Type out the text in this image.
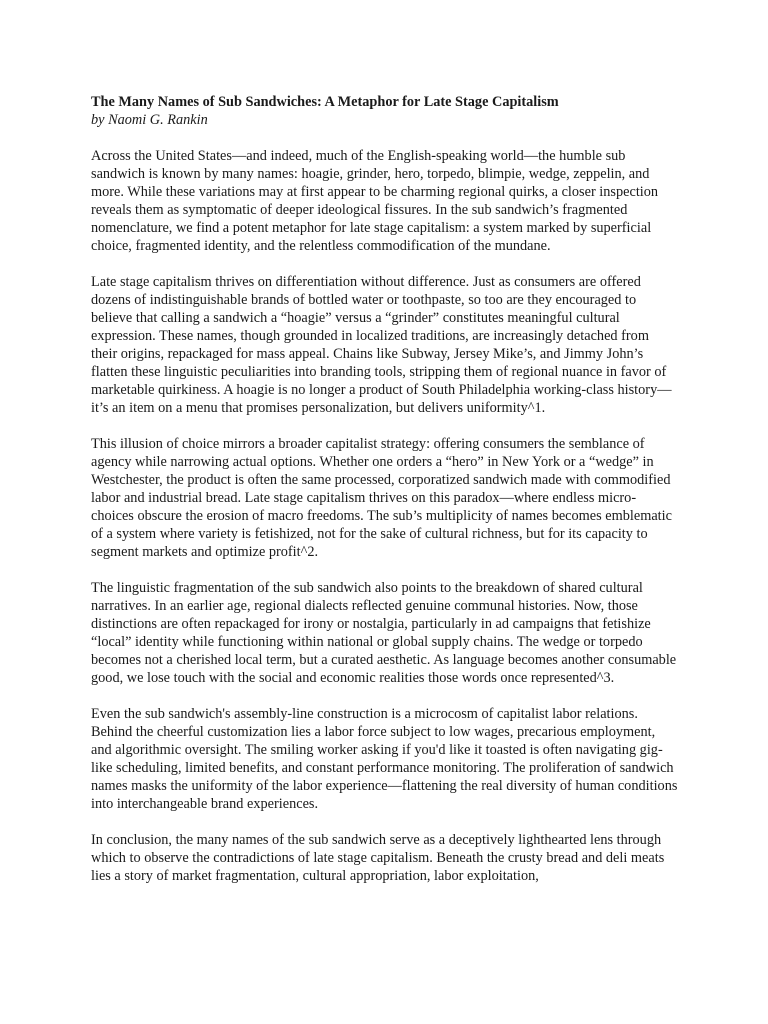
The Many Names of Sub Sandwiches: A Metaphor for Late Stage Capitalism

by Naomi G. Rankin

Across the United States—and indeed, much of the English-speaking world—the humble sub sandwich is known by many names: hoagie, grinder, hero, torpedo, blimpie, wedge, zeppelin, and more. While these variations may at first appear to be charming regional quirks, a closer inspection reveals them as symptomatic of deeper ideological fissures. In the sub sandwich’s fragmented nomenclature, we find a potent metaphor for late stage capitalism: a system marked by superficial choice, fragmented identity, and the relentless commodification of the mundane.

Late stage capitalism thrives on differentiation without difference. Just as consumers are offered dozens of indistinguishable brands of bottled water or toothpaste, so too are they encouraged to believe that calling a sandwich a “hoagie” versus a “grinder” constitutes meaningful cultural expression. These names, though grounded in localized traditions, are increasingly detached from their origins, repackaged for mass appeal. Chains like Subway, Jersey Mike’s, and Jimmy John’s flatten these linguistic peculiarities into branding tools, stripping them of regional nuance in favor of marketable quirkiness. A hoagie is no longer a product of South Philadelphia working-class history—it’s an item on a menu that promises personalization, but delivers uniformity^1.

This illusion of choice mirrors a broader capitalist strategy: offering consumers the semblance of agency while narrowing actual options. Whether one orders a “hero” in New York or a “wedge” in Westchester, the product is often the same processed, corporatized sandwich made with commodified labor and industrial bread. Late stage capitalism thrives on this paradox—where endless micro-choices obscure the erosion of macro freedoms. The sub’s multiplicity of names becomes emblematic of a system where variety is fetishized, not for the sake of cultural richness, but for its capacity to segment markets and optimize profit^2.

The linguistic fragmentation of the sub sandwich also points to the breakdown of shared cultural narratives. In an earlier age, regional dialects reflected genuine communal histories. Now, those distinctions are often repackaged for irony or nostalgia, particularly in ad campaigns that fetishize “local” identity while functioning within national or global supply chains. The wedge or torpedo becomes not a cherished local term, but a curated aesthetic. As language becomes another consumable good, we lose touch with the social and economic realities those words once represented^3.

Even the sub sandwich's assembly-line construction is a microcosm of capitalist labor relations. Behind the cheerful customization lies a labor force subject to low wages, precarious employment, and algorithmic oversight. The smiling worker asking if you'd like it toasted is often navigating gig-like scheduling, limited benefits, and constant performance monitoring. The proliferation of sandwich names masks the uniformity of the labor experience—flattening the real diversity of human conditions into interchangeable brand experiences.

In conclusion, the many names of the sub sandwich serve as a deceptively lighthearted lens through which to observe the contradictions of late stage capitalism. Beneath the crusty bread and deli meats lies a story of market fragmentation, cultural appropriation, labor exploitation,
